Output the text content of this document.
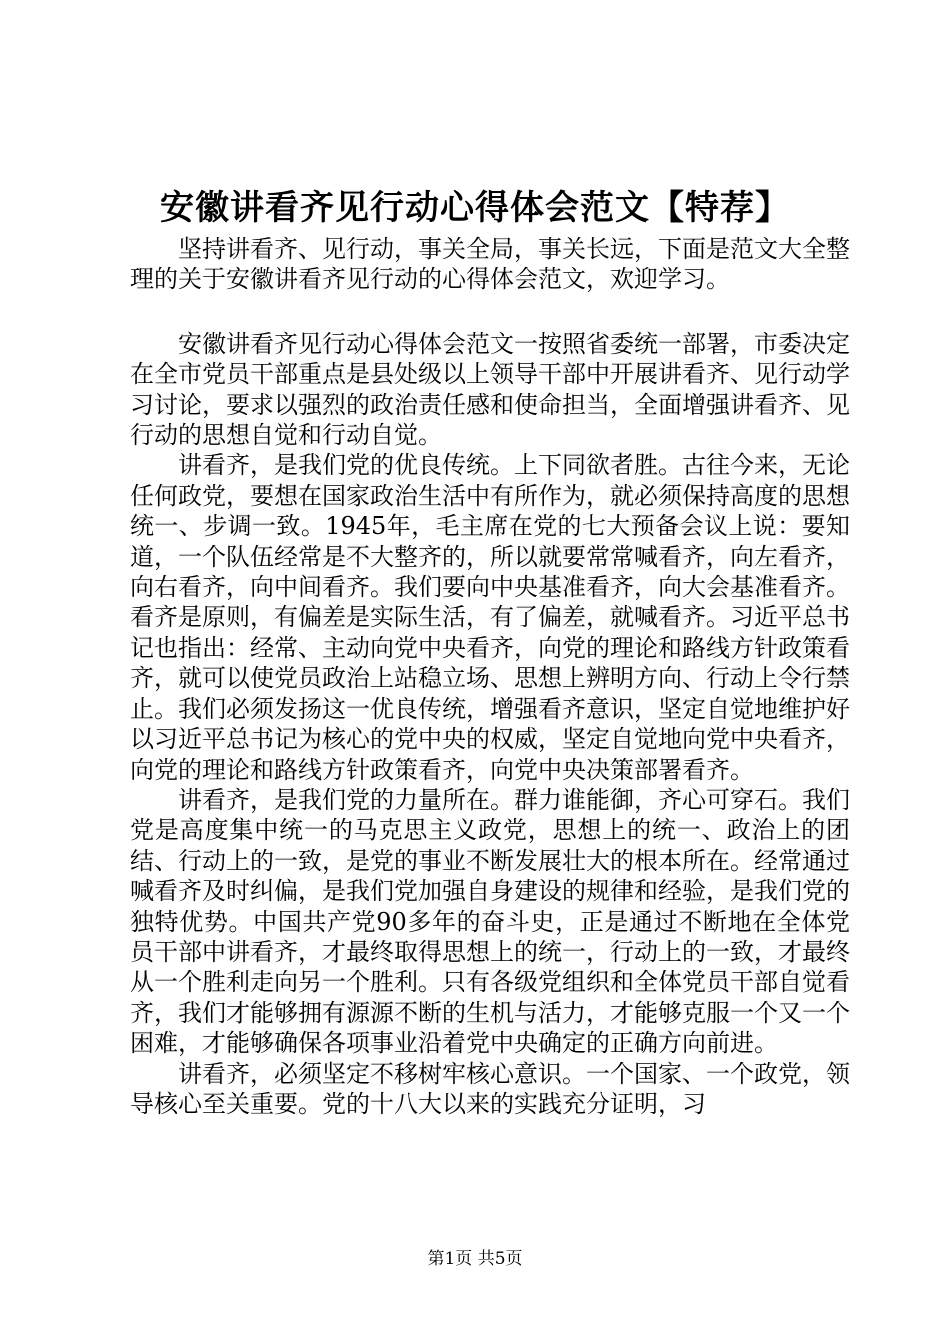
安徽讲看齐见行动心得体会范文【特荐】

坚持讲看齐、见行动，事关全局，事关长远，下面是范文大全整理的关于安徽讲看齐见行动的心得体会范文，欢迎学习。

安徽讲看齐见行动心得体会范文一按照省委统一部署，市委决定在全市党员干部重点是县处级以上领导干部中开展讲看齐、见行动学习讨论，要求以强烈的政治责任感和使命担当，全面增强讲看齐、见行动的思想自觉和行动自觉。

讲看齐，是我们党的优良传统。上下同欲者胜。古往今来，无论任何政党，要想在国家政治生活中有所作为，就必须保持高度的思想统一、步调一致。1945年，毛主席在党的七大预备会议上说：要知道，一个队伍经常是不大整齐的，所以就要常常喊看齐，向左看齐，向右看齐，向中间看齐。我们要向中央基准看齐，向大会基准看齐。看齐是原则，有偏差是实际生活，有了偏差，就喊看齐。习近平总书记也指出：经常、主动向党中央看齐，向党的理论和路线方针政策看齐，就可以使党员政治上站稳立场、思想上辨明方向、行动上令行禁止。我们必须发扬这一优良传统，增强看齐意识，坚定自觉地维护好以习近平总书记为核心的党中央的权威，坚定自觉地向党中央看齐，向党的理论和路线方针政策看齐，向党中央决策部署看齐。

讲看齐，是我们党的力量所在。群力谁能御，齐心可穿石。我们党是高度集中统一的马克思主义政党，思想上的统一、政治上的团结、行动上的一致，是党的事业不断发展壮大的根本所在。经常通过喊看齐及时纠偏，是我们党加强自身建设的规律和经验，是我们党的独特优势。中国共产党90多年的奋斗史，正是通过不断地在全体党员干部中讲看齐，才最终取得思想上的统一，行动上的一致，才最终从一个胜利走向另一个胜利。只有各级党组织和全体党员干部自觉看齐，我们才能够拥有源源不断的生机与活力，才能够克服一个又一个困难，才能够确保各项事业沿着党中央确定的正确方向前进。

讲看齐，必须坚定不移树牢核心意识。一个国家、一个政党，领导核心至关重要。党的十八大以来的实践充分证明，习

第1页 共5页
